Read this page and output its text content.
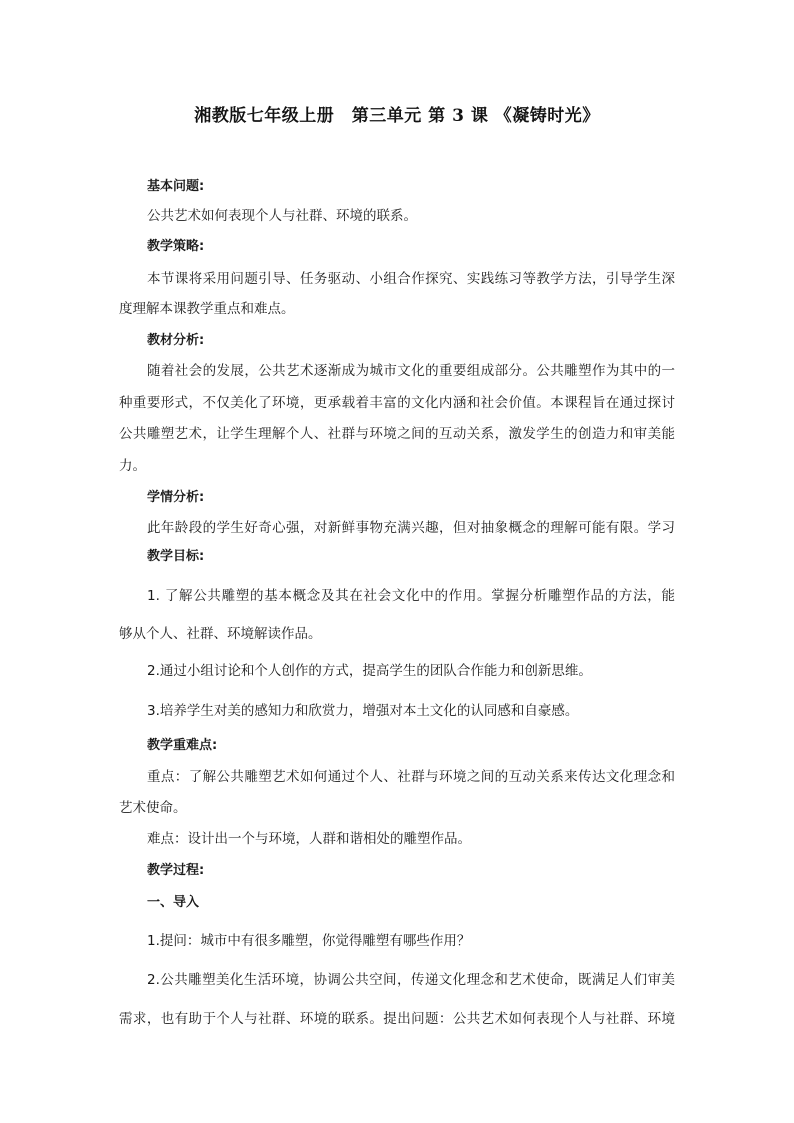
湘教版七年级上册　第三单元 第 3 课 《凝铸时光》
基本问题:
公共艺术如何表现个人与社群、环境的联系。
教学策略:
本节课将采用问题引导、任务驱动、小组合作探究、实践练习等教学方法，引导学生深
度理解本课教学重点和难点。
教材分析:
随着社会的发展，公共艺术逐渐成为城市文化的重要组成部分。公共雕塑作为其中的一
种重要形式，不仅美化了环境，更承载着丰富的文化内涵和社会价值。本课程旨在通过探讨
公共雕塑艺术，让学生理解个人、社群与环境之间的互动关系，激发学生的创造力和审美能
力。
学情分析:
此年龄段的学生好奇心强，对新鲜事物充满兴趣，但对抽象概念的理解可能有限。学习
教学目标:
1. 了解公共雕塑的基本概念及其在社会文化中的作用。掌握分析雕塑作品的方法，能
够从个人、社群、环境解读作品。
2.通过小组讨论和个人创作的方式，提高学生的团队合作能力和创新思维。
3.培养学生对美的感知力和欣赏力，增强对本土文化的认同感和自豪感。
教学重难点:
重点：了解公共雕塑艺术如何通过个人、社群与环境之间的互动关系来传达文化理念和
艺术使命。
难点：设计出一个与环境，人群和谐相处的雕塑作品。
教学过程:
一、导入
1.提问：城市中有很多雕塑，你觉得雕塑有哪些作用？
2.公共雕塑美化生活环境，协调公共空间，传递文化理念和艺术使命，既满足人们审美
需求，也有助于个人与社群、环境的联系。提出问题：公共艺术如何表现个人与社群、环境
